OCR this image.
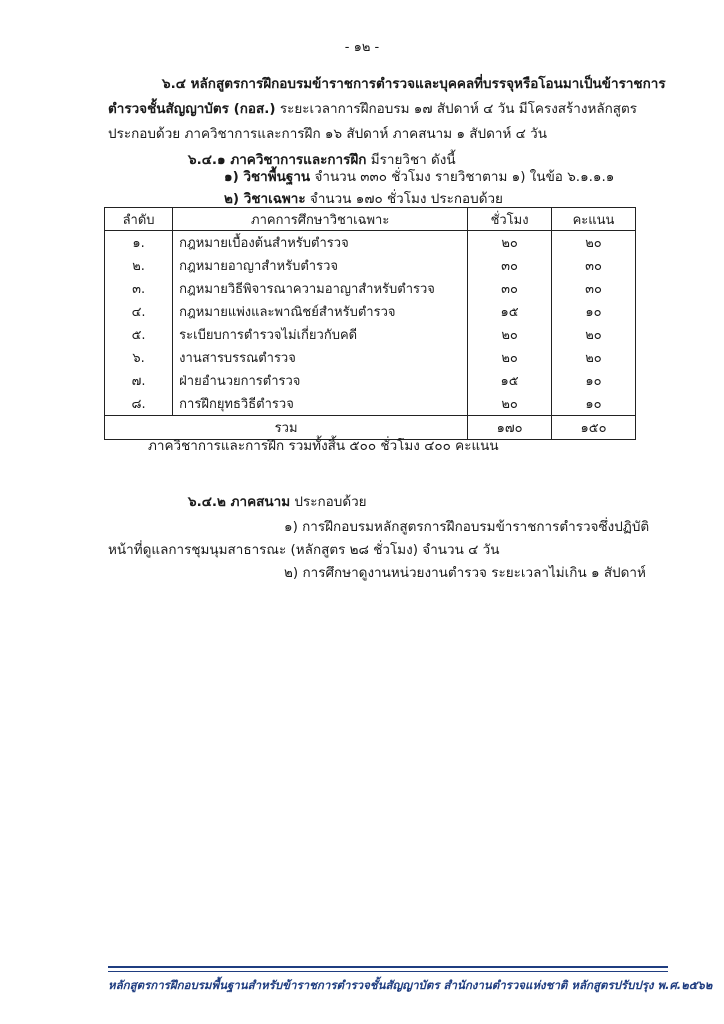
- ๑๒ -
๖.๔ หลักสูตรการฝึกอบรมข้าราชการตำรวจและบุคคลที่บรรจุหรือโอนมาเป็นข้าราชการ
ตำรวจชั้นสัญญาบัตร (กอส.) ระยะเวลาการฝึกอบรม ๑๗ สัปดาห์ ๔ วัน มีโครงสร้างหลักสูตร
ประกอบด้วย ภาควิชาการและการฝึก ๑๖ สัปดาห์ ภาคสนาม ๑ สัปดาห์ ๔ วัน
๖.๔.๑ ภาควิชาการและการฝึก มีรายวิชา ดังนี้
๑) วิชาพื้นฐาน จำนวน ๓๓๐ ชั่วโมง รายวิชาตาม ๑) ในข้อ ๖.๑.๑.๑
๒) วิชาเฉพาะ จำนวน ๑๗๐ ชั่วโมง ประกอบด้วย
ลำดับ	ภาคการศึกษาวิชาเฉพาะ	ชั่วโมง	คะแนน
๑.	กฎหมายเบื้องต้นสำหรับตำรวจ	๒๐	๒๐
๒.	กฎหมายอาญาสำหรับตำรวจ	๓๐	๓๐
๓.	กฎหมายวิธีพิจารณาความอาญาสำหรับตำรวจ	๓๐	๓๐
๔.	กฎหมายแพ่งและพาณิชย์สำหรับตำรวจ	๑๕	๑๐
๕.	ระเบียบการตำรวจไม่เกี่ยวกับคดี	๒๐	๒๐
๖.	งานสารบรรณตำรวจ	๒๐	๒๐
๗.	ฝ่ายอำนวยการตำรวจ	๑๕	๑๐
๘.	การฝึกยุทธวิธีตำรวจ	๒๐	๑๐
รวม		๑๗๐	๑๕๐
ภาควิชาการและการฝึก รวมทั้งสิ้น ๕๐๐ ชั่วโมง ๔๐๐ คะแนน
๖.๔.๒ ภาคสนาม ประกอบด้วย
๑) การฝึกอบรมหลักสูตรการฝึกอบรมข้าราชการตำรวจซึ่งปฏิบัติ
หน้าที่ดูแลการชุมนุมสาธารณะ (หลักสูตร ๒๘ ชั่วโมง) จำนวน ๔ วัน
๒) การศึกษาดูงานหน่วยงานตำรวจ ระยะเวลาไม่เกิน ๑ สัปดาห์
หลักสูตรการฝึกอบรมพื้นฐานสำหรับข้าราชการตำรวจชั้นสัญญาบัตร สำนักงานตำรวจแห่งชาติ หลักสูตรปรับปรุง พ.ศ.๒๕๖๒
